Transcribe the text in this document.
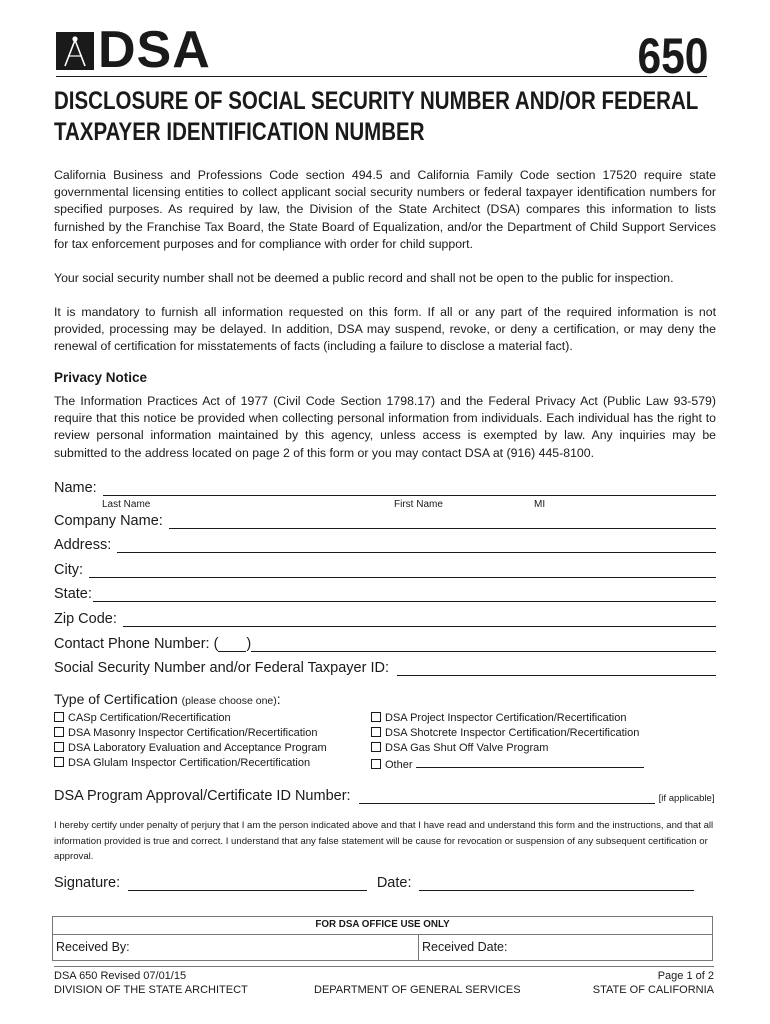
DSA	650
DISCLOSURE OF SOCIAL SECURITY NUMBER AND/OR FEDERAL
TAXPAYER IDENTIFICATION NUMBER
California Business and Professions Code section 494.5 and California Family Code section 17520 require state governmental licensing entities to collect applicant social security numbers or federal taxpayer identification numbers for specified purposes. As required by law, the Division of the State Architect (DSA) compares this information to lists furnished by the Franchise Tax Board, the State Board of Equalization, and/or the Department of Child Support Services for tax enforcement purposes and for compliance with order for child support.
Your social security number shall not be deemed a public record and shall not be open to the public for inspection.
It is mandatory to furnish all information requested on this form. If all or any part of the required information is not provided, processing may be delayed. In addition, DSA may suspend, revoke, or deny a certification, or may deny the renewal of certification for misstatements of facts (including a failure to disclose a material fact).
Privacy Notice
The Information Practices Act of 1977 (Civil Code Section 1798.17) and the Federal Privacy Act (Public Law 93-579) require that this notice be provided when collecting personal information from individuals. Each individual has the right to review personal information maintained by this agency, unless access is exempted by law. Any inquiries may be submitted to the address located on page 2 of this form or you may contact DSA at (916) 445-8100.
Name:
Last Name	First Name	MI
Company Name:
Address:
City:
State:
Zip Code:
Contact Phone Number: ( )
Social Security Number and/or Federal Taxpayer ID:
Type of Certification (please choose one):
CASp Certification/Recertification
DSA Masonry Inspector Certification/Recertification
DSA Laboratory Evaluation and Acceptance Program
DSA Glulam Inspector Certification/Recertification
DSA Project Inspector Certification/Recertification
DSA Shotcrete Inspector Certification/Recertification
DSA Gas Shut Off Valve Program
Other
DSA Program Approval/Certificate ID Number:	[if applicable]
I hereby certify under penalty of perjury that I am the person indicated above and that I have read and understand this form and the instructions, and that all information provided is true and correct. I understand that any false statement will be cause for revocation or suspension of any subsequent certification or approval.
Signature:	Date:
FOR DSA OFFICE USE ONLY
Received By:	Received Date:
DSA 650 Revised 07/01/15	Page 1 of 2
DIVISION OF THE STATE ARCHITECT	DEPARTMENT OF GENERAL SERVICES	STATE OF CALIFORNIA
